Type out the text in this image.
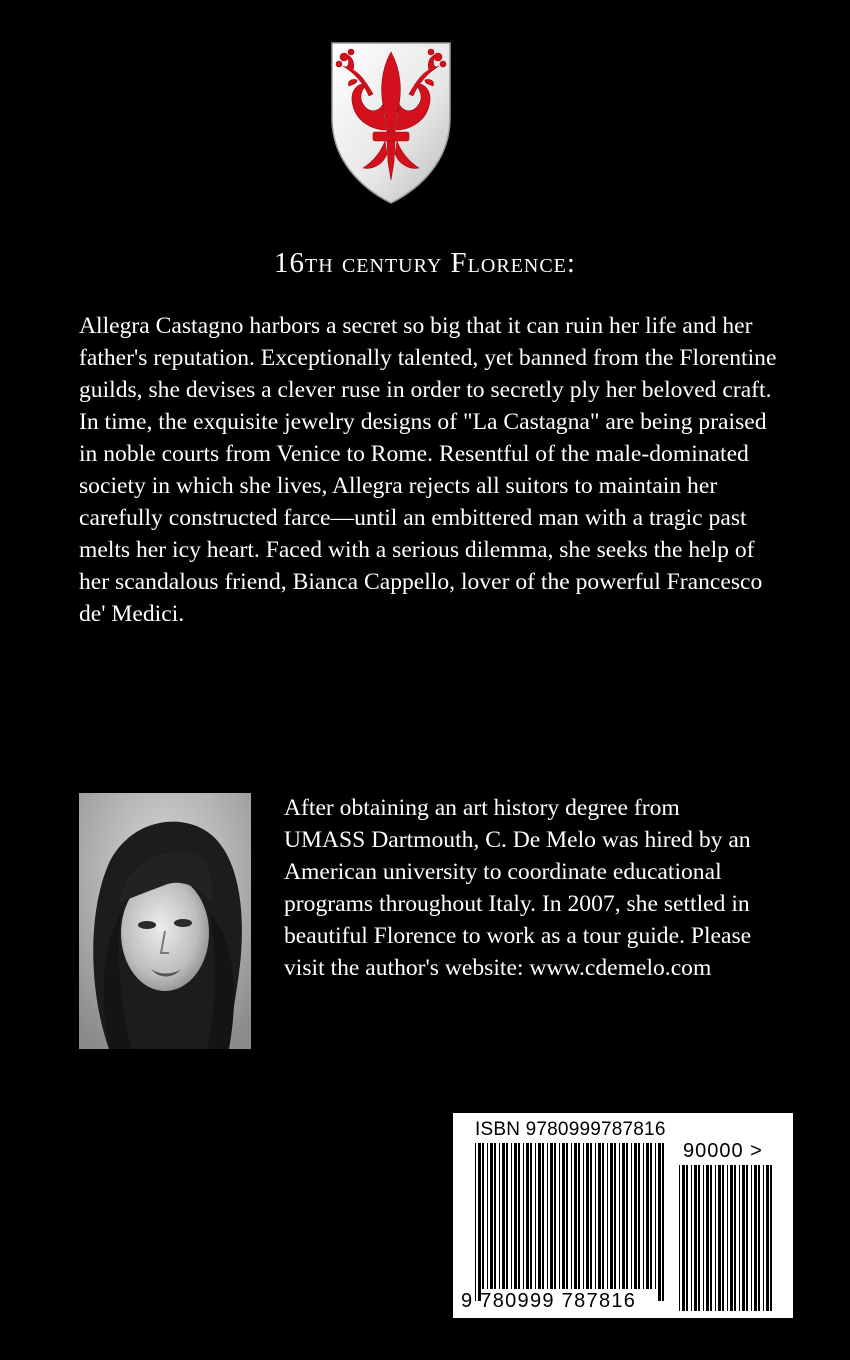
16th century Florence:

Allegra Castagno harbors a secret so big that it can ruin her life and her father's reputation. Exceptionally talented, yet banned from the Florentine guilds, she devises a clever ruse in order to secretly ply her beloved craft. In time, the exquisite jewelry designs of "La Castagna" are being praised in noble courts from Venice to Rome. Resentful of the male-dominated society in which she lives, Allegra rejects all suitors to maintain her carefully constructed farce—until an embittered man with a tragic past melts her icy heart. Faced with a serious dilemma, she seeks the help of her scandalous friend, Bianca Cappello, lover of the powerful Francesco de' Medici.

After obtaining an art history degree from UMASS Dartmouth, C. De Melo was hired by an American university to coordinate educational programs throughout Italy. In 2007, she settled in beautiful Florence to work as a tour guide. Please visit the author's website: www.cdemelo.com

ISBN 9780999787816
90000 >
9 780999 787816
